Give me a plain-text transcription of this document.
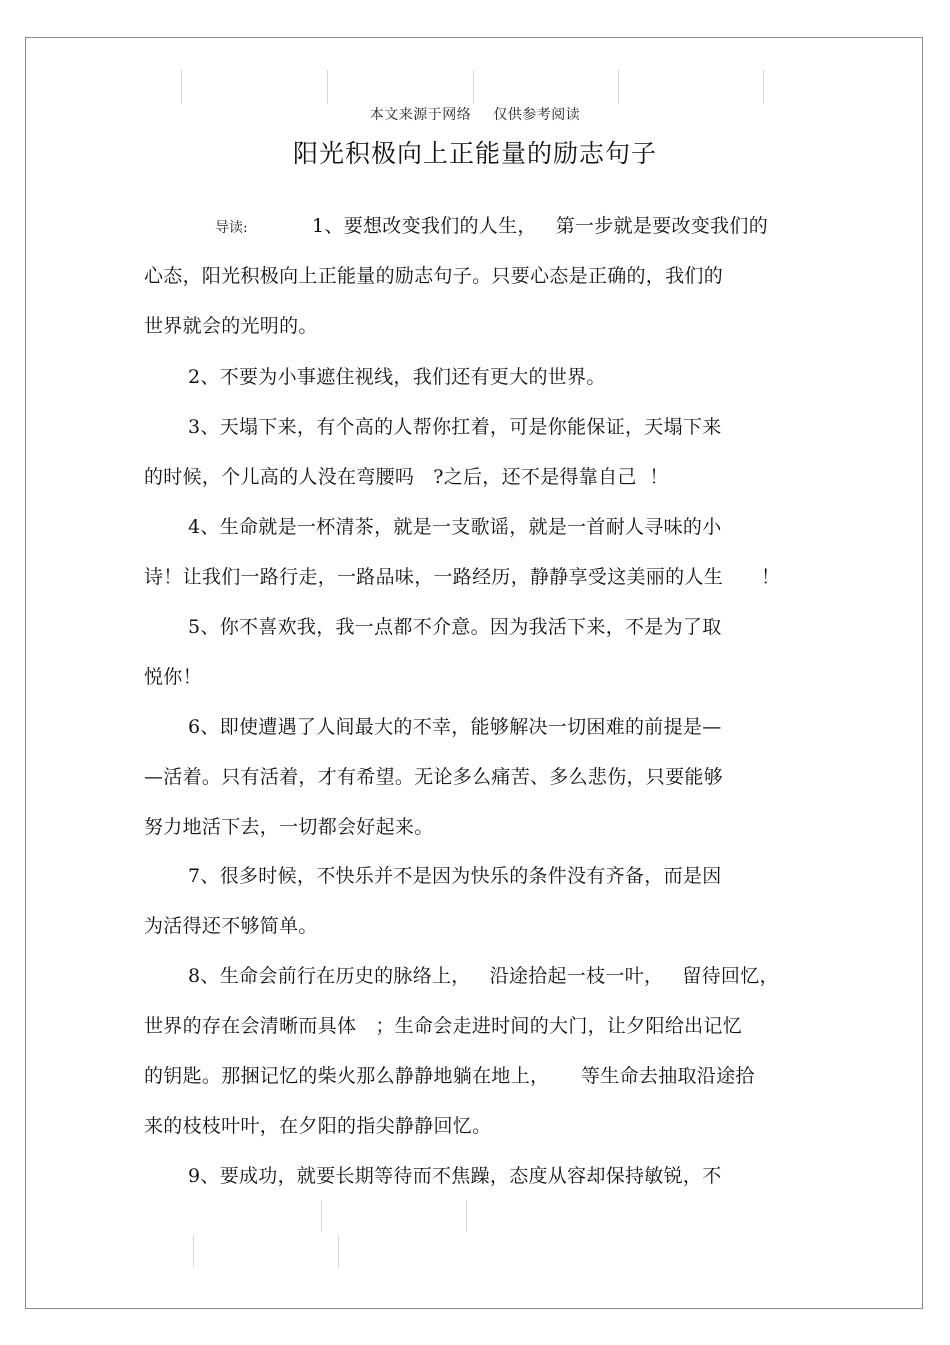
本文来源于网络 仅供参考阅读
阳光积极向上正能量的励志句子
导读:	1、要想改变我们的人生，   第一步就是要改变我们的
心态，阳光积极向上正能量的励志句子。只要心态是正确的，我们的
世界就会的光明的。
2、不要为小事遮住视线，我们还有更大的世界。
3、天塌下来，有个高的人帮你扛着，可是你能保证，天塌下来
的时候，个儿高的人没在弯腰吗   ?之后，还不是得靠自己  ！
4、生命就是一杯清茶，就是一支歌谣，就是一首耐人寻味的小
诗！让我们一路行走，一路品味，一路经历，静静享受这美丽的人生      ！
5、你不喜欢我，我一点都不介意。因为我活下来，不是为了取
悦你！
6、即使遭遇了人间最大的不幸，能够解决一切困难的前提是—
—活着。只有活着，才有希望。无论多么痛苦、多么悲伤，只要能够
努力地活下去，一切都会好起来。
7、很多时候，不快乐并不是因为快乐的条件没有齐备，而是因
为活得还不够简单。
8、生命会前行在历史的脉络上，   沿途拾起一枝一叶，   留待回忆，
世界的存在会清晰而具体   ；生命会走进时间的大门，让夕阳给出记忆
的钥匙。那捆记忆的柴火那么静静地躺在地上，     等生命去抽取沿途拾
来的枝枝叶叶，在夕阳的指尖静静回忆。
9、要成功，就要长期等待而不焦躁，态度从容却保持敏锐，不
